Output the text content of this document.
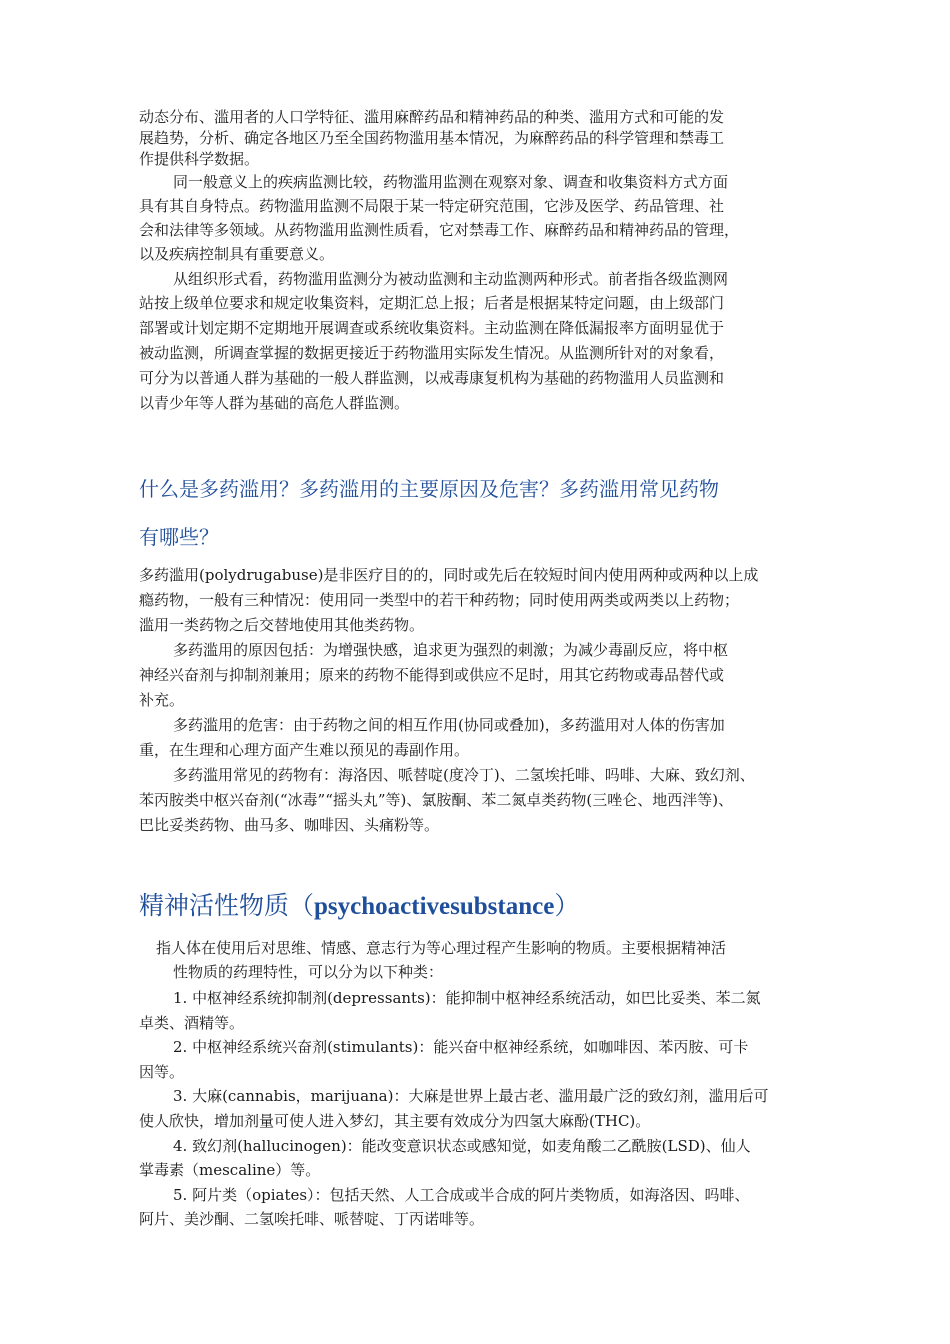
动态分布、滥用者的人口学特征、滥用麻醉药品和精神药品的种类、滥用方式和可能的发
展趋势，分析、确定各地区乃至全国药物滥用基本情况，为麻醉药品的科学管理和禁毒工
作提供科学数据。
同一般意义上的疾病监测比较，药物滥用监测在观察对象、调查和收集资料方式方面
具有其自身特点。药物滥用监测不局限于某一特定研究范围，它涉及医学、药品管理、社
会和法律等多领域。从药物滥用监测性质看，它对禁毒工作、麻醉药品和精神药品的管理，
以及疾病控制具有重要意义。
从组织形式看，药物滥用监测分为被动监测和主动监测两种形式。前者指各级监测网
站按上级单位要求和规定收集资料，定期汇总上报；后者是根据某特定问题，由上级部门
部署或计划定期不定期地开展调查或系统收集资料。主动监测在降低漏报率方面明显优于
被动监测，所调查掌握的数据更接近于药物滥用实际发生情况。从监测所针对的对象看，
可分为以普通人群为基础的一般人群监测，以戒毒康复机构为基础的药物滥用人员监测和
以青少年等人群为基础的高危人群监测。
什么是多药滥用？多药滥用的主要原因及危害？多药滥用常见药物
有哪些？
多药滥用(polydrugabuse)是非医疗目的的，同时或先后在较短时间内使用两种或两种以上成
瘾药物，一般有三种情况：使用同一类型中的若干种药物；同时使用两类或两类以上药物；
滥用一类药物之后交替地使用其他类药物。
多药滥用的原因包括：为增强快感，追求更为强烈的刺激；为减少毒副反应，将中枢
神经兴奋剂与抑制剂兼用；原来的药物不能得到或供应不足时，用其它药物或毒品替代或
补充。
多药滥用的危害：由于药物之间的相互作用(协同或叠加)，多药滥用对人体的伤害加
重，在生理和心理方面产生难以预见的毒副作用。
多药滥用常见的药物有：海洛因、哌替啶(度冷丁)、二氢埃托啡、吗啡、大麻、致幻剂、
苯丙胺类中枢兴奋剂(“冰毒”“摇头丸”等)、氯胺酮、苯二氮卓类药物(三唑仑、地西泮等)、
巴比妥类药物、曲马多、咖啡因、头痛粉等。
精神活性物质（psychoactivesubstance）
指人体在使用后对思维、情感、意志行为等心理过程产生影响的物质。主要根据精神活
性物质的药理特性，可以分为以下种类：
1. 中枢神经系统抑制剂(depressants)：能抑制中枢神经系统活动，如巴比妥类、苯二氮
卓类、酒精等。
2. 中枢神经系统兴奋剂(stimulants)：能兴奋中枢神经系统，如咖啡因、苯丙胺、可卡
因等。
3. 大麻(cannabis，marijuana)：大麻是世界上最古老、滥用最广泛的致幻剂，滥用后可
使人欣快，增加剂量可使人进入梦幻，其主要有效成分为四氢大麻酚(THC)。
4. 致幻剂(hallucinogen)：能改变意识状态或感知觉，如麦角酸二乙酰胺(LSD)、仙人
掌毒素（mescaline）等。
5. 阿片类（opiates）：包括天然、人工合成或半合成的阿片类物质，如海洛因、吗啡、
阿片、美沙酮、二氢唉托啡、哌替啶、丁丙诺啡等。
